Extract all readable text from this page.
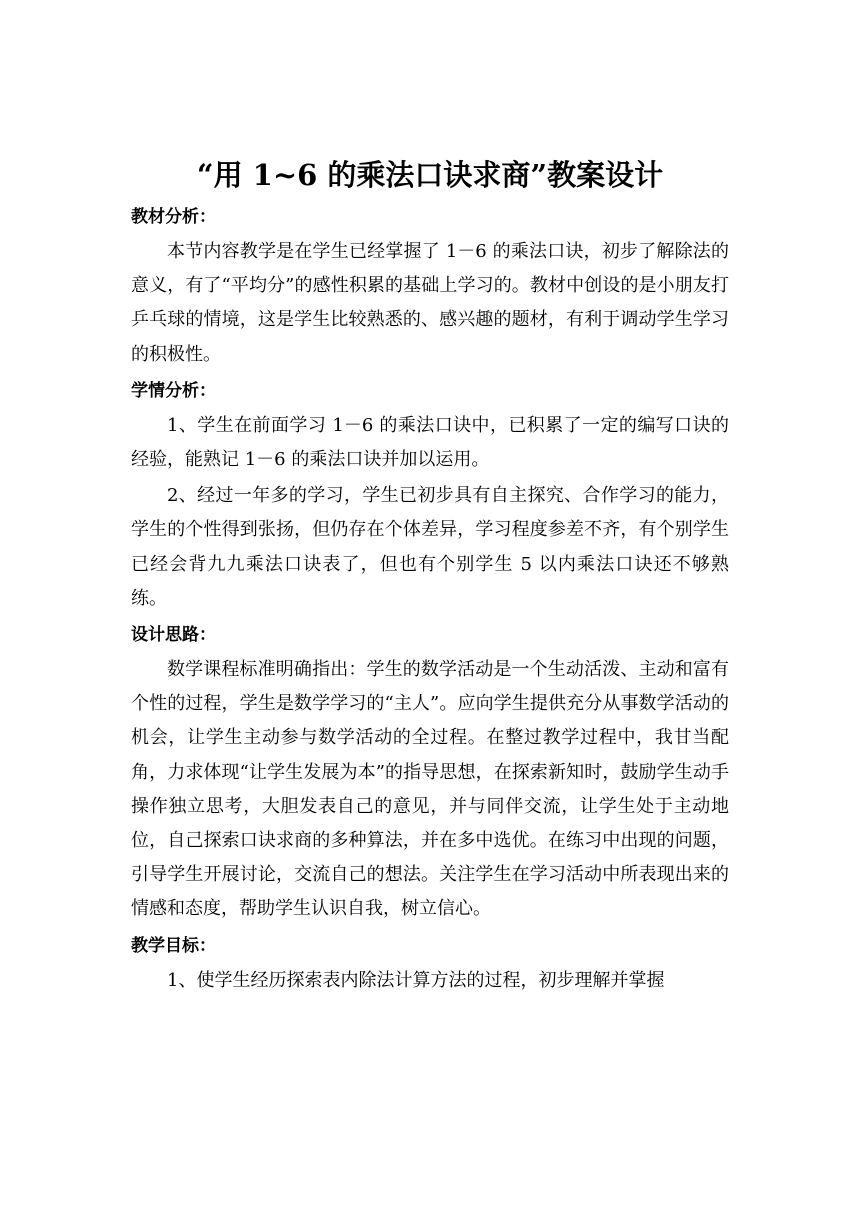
“用 1~6 的乘法口诀求商”教案设计
教材分析：

本节内容教学是在学生已经掌握了 1－6 的乘法口诀，初步了解除法的意义，有了“平均分”的感性积累的基础上学习的。教材中创设的是小朋友打乒乓球的情境，这是学生比较熟悉的、感兴趣的题材，有利于调动学生学习的积极性。

学情分析：

1、学生在前面学习 1－6 的乘法口诀中，已积累了一定的编写口诀的经验，能熟记 1－6 的乘法口诀并加以运用。

2、经过一年多的学习，学生已初步具有自主探究、合作学习的能力，学生的个性得到张扬，但仍存在个体差异，学习程度参差不齐，有个别学生已经会背九九乘法口诀表了，但也有个别学生 5 以内乘法口诀还不够熟练。

设计思路：

数学课程标准明确指出：学生的数学活动是一个生动活泼、主动和富有个性的过程，学生是数学学习的“主人”。应向学生提供充分从事数学活动的机会，让学生主动参与数学活动的全过程。在整过教学过程中，我甘当配角，力求体现“让学生发展为本”的指导思想，在探索新知时，鼓励学生动手操作独立思考，大胆发表自己的意见，并与同伴交流，让学生处于主动地位，自己探索口诀求商的多种算法，并在多中选优。在练习中出现的问题，引导学生开展讨论，交流自己的想法。关注学生在学习活动中所表现出来的情感和态度，帮助学生认识自我，树立信心。

教学目标：

1、使学生经历探索表内除法计算方法的过程，初步理解并掌握
